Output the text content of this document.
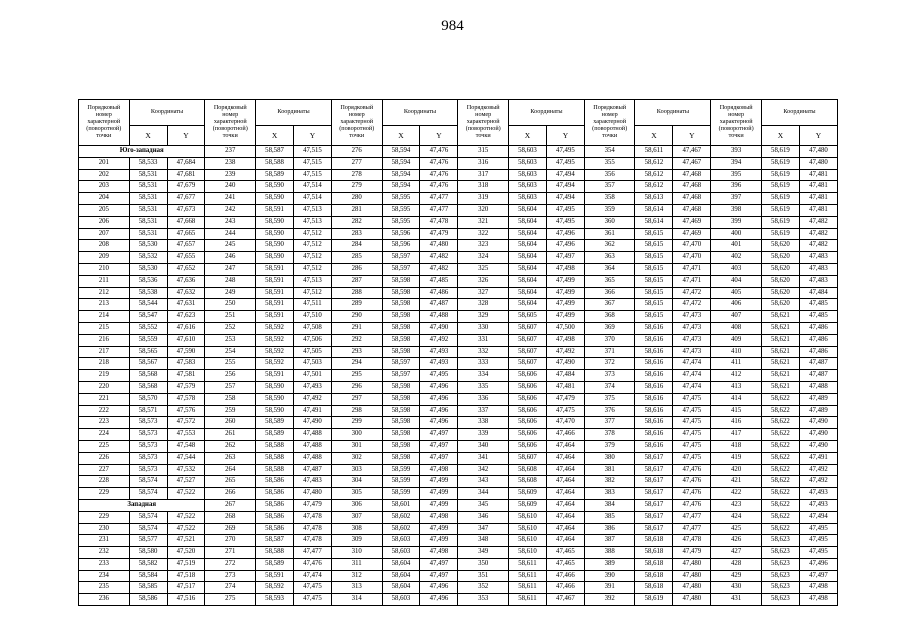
984
Порядковый номер характерной (поворотной) точки	Координаты		Порядковый номер характерной (поворотной) точки	Координаты		Порядковый номер характерной (поворотной) точки	Координаты		Порядковый номер характерной (поворотной) точки	Координаты		Порядковый номер характерной (поворотной) точки	Координаты		Порядковый номер характерной (поворотной) точки	Координаты	
	X	Y		X	Y		X	Y		X	Y		X	Y		X	Y
Юго-западная			237	58,587	47,515	276	58,594	47,476	315	58,603	47,495	354	58,611	47,467	393	58,619	47,480
201	58,533	47,684	238	58,588	47,515	277	58,594	47,476	316	58,603	47,495	355	58,612	47,467	394	58,619	47,480
202	58,531	47,681	239	58,589	47,515	278	58,594	47,476	317	58,603	47,494	356	58,612	47,468	395	58,619	47,481
203	58,531	47,679	240	58,590	47,514	279	58,594	47,476	318	58,603	47,494	357	58,612	47,468	396	58,619	47,481
204	58,531	47,677	241	58,590	47,514	280	58,595	47,477	319	58,603	47,494	358	58,613	47,468	397	58,619	47,481
205	58,531	47,673	242	58,591	47,513	281	58,595	47,477	320	58,604	47,495	359	58,614	47,468	398	58,619	47,481
206	58,531	47,668	243	58,590	47,513	282	58,595	47,478	321	58,604	47,495	360	58,614	47,469	399	58,619	47,482
207	58,531	47,665	244	58,590	47,512	283	58,596	47,479	322	58,604	47,496	361	58,615	47,469	400	58,619	47,482
208	58,530	47,657	245	58,590	47,512	284	58,596	47,480	323	58,604	47,496	362	58,615	47,470	401	58,620	47,482
209	58,532	47,655	246	58,590	47,512	285	58,597	47,482	324	58,604	47,497	363	58,615	47,470	402	58,620	47,483
210	58,530	47,652	247	58,591	47,512	286	58,597	47,482	325	58,604	47,498	364	58,615	47,471	403	58,620	47,483
211	58,536	47,636	248	58,591	47,513	287	58,598	47,485	326	58,604	47,499	365	58,615	47,471	404	58,620	47,483
212	58,538	47,632	249	58,591	47,512	288	58,598	47,486	327	58,604	47,499	366	58,615	47,472	405	58,620	47,484
213	58,544	47,631	250	58,591	47,511	289	58,598	47,487	328	58,604	47,499	367	58,615	47,472	406	58,620	47,485
214	58,547	47,623	251	58,591	47,510	290	58,598	47,488	329	58,605	47,499	368	58,615	47,473	407	58,621	47,485
215	58,552	47,616	252	58,592	47,508	291	58,598	47,490	330	58,607	47,500	369	58,616	47,473	408	58,621	47,486
216	58,559	47,610	253	58,592	47,506	292	58,598	47,492	331	58,607	47,498	370	58,616	47,473	409	58,621	47,486
217	58,565	47,590	254	58,592	47,505	293	58,598	47,493	332	58,607	47,492	371	58,616	47,473	410	58,621	47,486
218	58,567	47,583	255	58,592	47,503	294	58,597	47,493	333	58,607	47,490	372	58,616	47,474	411	58,621	47,487
219	58,568	47,581	256	58,591	47,501	295	58,597	47,495	334	58,606	47,484	373	58,616	47,474	412	58,621	47,487
220	58,568	47,579	257	58,590	47,493	296	58,598	47,496	335	58,606	47,481	374	58,616	47,474	413	58,621	47,488
221	58,570	47,578	258	58,590	47,492	297	58,598	47,496	336	58,606	47,479	375	58,616	47,475	414	58,622	47,489
222	58,571	47,576	259	58,590	47,491	298	58,598	47,496	337	58,606	47,475	376	58,616	47,475	415	58,622	47,489
223	58,573	47,572	260	58,589	47,490	299	58,598	47,496	338	58,606	47,470	377	58,616	47,475	416	58,622	47,490
224	58,573	47,553	261	58,589	47,488	300	58,598	47,497	339	58,606	47,466	378	58,616	47,475	417	58,622	47,490
225	58,573	47,548	262	58,588	47,488	301	58,598	47,497	340	58,606	47,464	379	58,616	47,475	418	58,622	47,490
226	58,573	47,544	263	58,588	47,488	302	58,598	47,497	341	58,607	47,464	380	58,617	47,475	419	58,622	47,491
227	58,573	47,532	264	58,588	47,487	303	58,599	47,498	342	58,608	47,464	381	58,617	47,476	420	58,622	47,492
228	58,574	47,527	265	58,586	47,483	304	58,599	47,499	343	58,608	47,464	382	58,617	47,476	421	58,622	47,492
229	58,574	47,522	266	58,586	47,480	305	58,599	47,499	344	58,609	47,464	383	58,617	47,476	422	58,622	47,493
Западная			267	58,586	47,479	306	58,601	47,499	345	58,609	47,464	384	58,617	47,476	423	58,622	47,493
229	58,574	47,522	268	58,586	47,478	307	58,602	47,498	346	58,610	47,464	385	58,617	47,477	424	58,622	47,494
230	58,574	47,522	269	58,586	47,478	308	58,602	47,499	347	58,610	47,464	386	58,617	47,477	425	58,622	47,495
231	58,577	47,521	270	58,587	47,478	309	58,603	47,499	348	58,610	47,464	387	58,618	47,478	426	58,623	47,495
232	58,580	47,520	271	58,588	47,477	310	58,603	47,498	349	58,610	47,465	388	58,618	47,479	427	58,623	47,495
233	58,582	47,519	272	58,589	47,476	311	58,604	47,497	350	58,611	47,465	389	58,618	47,480	428	58,623	47,496
234	58,584	47,518	273	58,591	47,474	312	58,604	47,497	351	58,611	47,466	390	58,618	47,480	429	58,623	47,497
235	58,585	47,517	274	58,592	47,475	313	58,604	47,496	352	58,611	47,466	391	58,618	47,480	430	58,623	47,498
236	58,586	47,516	275	58,593	47,475	314	58,603	47,496	353	58,611	47,467	392	58,619	47,480	431	58,623	47,498
